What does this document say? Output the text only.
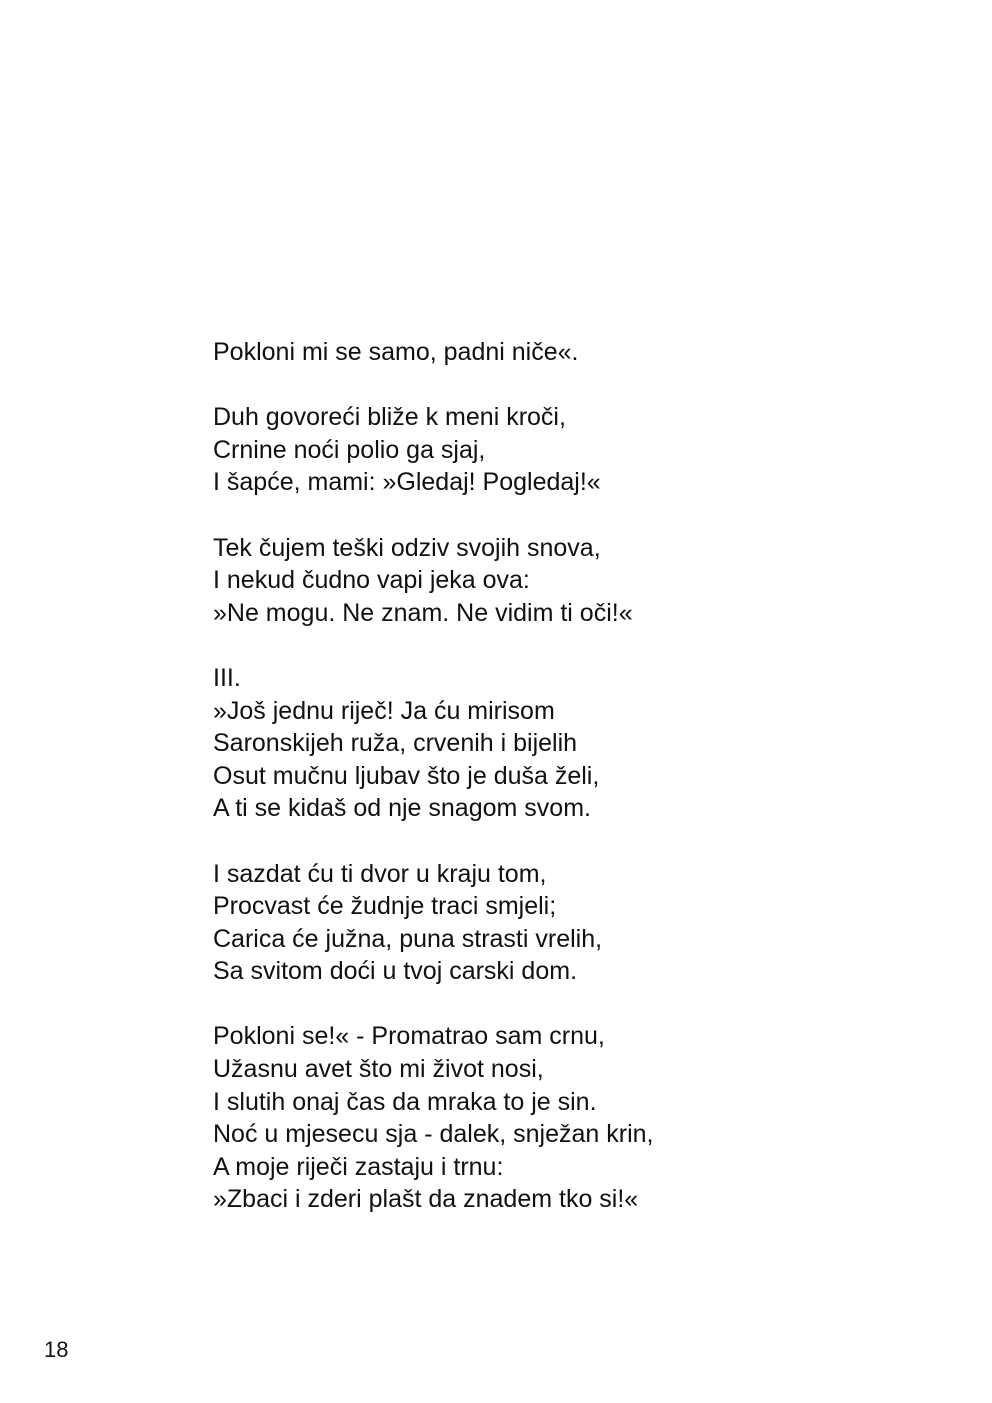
Pokloni mi se samo, padni niče«.
Duh govoreći bliže k meni kroči,
Crnine noći polio ga sjaj,
I šapće, mami: »Gledaj! Pogledaj!«
Tek čujem teški odziv svojih snova,
I nekud čudno vapi jeka ova:
»Ne mogu. Ne znam. Ne vidim ti oči!«
III.
»Još jednu riječ! Ja ću mirisom
Saronskijeh ruža, crvenih i bijelih
Osut mučnu ljubav što je duša želi,
A ti se kidaš od nje snagom svom.
I sazdat ću ti dvor u kraju tom,
Procvast će žudnje traci smjeli;
Carica će južna, puna strasti vrelih,
Sa svitom doći u tvoj carski dom.
Pokloni se!« - Promatrao sam crnu,
Užasnu avet što mi život nosi,
I slutih onaj čas da mraka to je sin.
Noć u mjesecu sja - dalek, snježan krin,
A moje riječi zastaju i trnu:
»Zbaci i zderi plašt da znadem tko si!«
18
